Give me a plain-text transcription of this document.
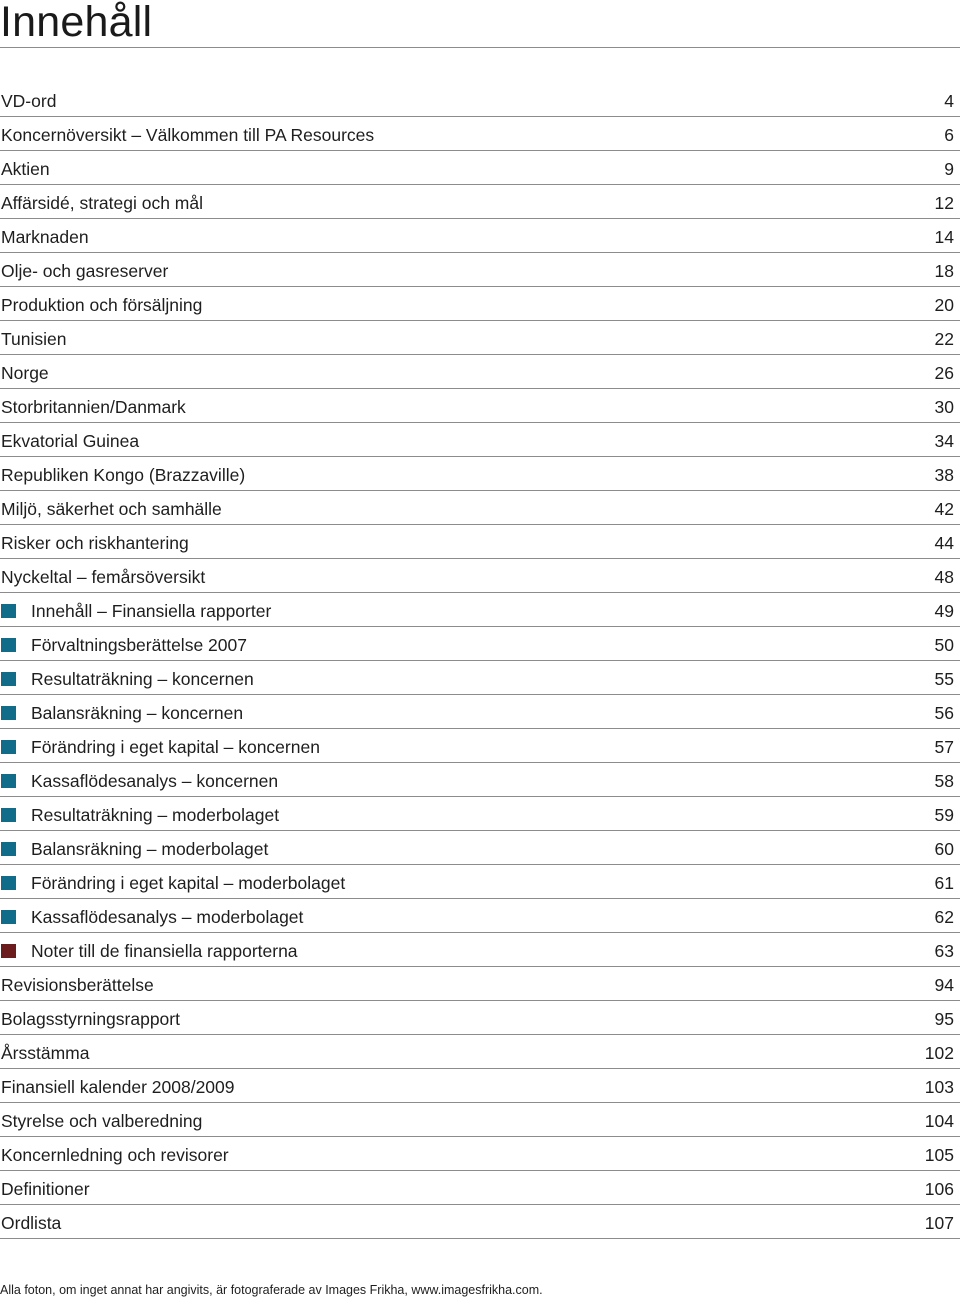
Innehåll
VD-ord	4
Koncernöversikt – Välkommen till PA Resources	6
Aktien	9
Affärsidé, strategi och mål	12
Marknaden	14
Olje- och gasreserver	18
Produktion och försäljning	20
Tunisien	22
Norge	26
Storbritannien/Danmark	30
Ekvatorial Guinea	34
Republiken Kongo (Brazzaville)	38
Miljö, säkerhet och samhälle	42
Risker och riskhantering	44
Nyckeltal – femårsöversikt	48
Innehåll – Finansiella rapporter	49
Förvaltningsberättelse 2007	50
Resultaträkning – koncernen	55
Balansräkning – koncernen	56
Förändring i eget kapital – koncernen	57
Kassaflödesanalys – koncernen	58
Resultaträkning – moderbolaget	59
Balansräkning – moderbolaget	60
Förändring i eget kapital – moderbolaget	61
Kassaflödesanalys – moderbolaget	62
Noter till de finansiella rapporterna	63
Revisionsberättelse	94
Bolagsstyrningsrapport	95
Årsstämma	102
Finansiell kalender 2008/2009	103
Styrelse och valberedning	104
Koncernledning och revisorer	105
Definitioner	106
Ordlista	107
Alla foton, om inget annat har angivits, är fotograferade av Images Frikha, www.imagesfrikha.com.
